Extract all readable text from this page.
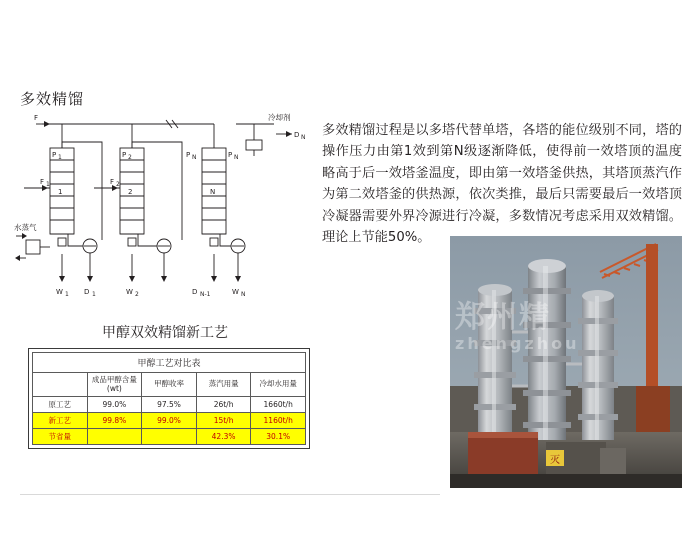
多效精馏
F
F 1	F 2
P 1	P 2	P N	P N
1	2	N
冷却剂
D N
水蒸气
W 1 D 1	W 2	D N-1	W N
多效精馏过程是以多塔代替单塔，各塔的能位级别不同，塔的操作压力由第1效到第N级逐渐降低，使得前一效塔顶的温度略高于后一效塔釜温度，即由第一效塔釜供热，其塔顶蒸汽作为第二效塔釜的供热源，依次类推，最后只需要最后一效塔顶冷凝器需要外界冷源进行冷凝，多数情况考虑采用双效精馏。理论上节能50%。
甲醇双效精馏新工艺
甲醇工艺对比表				
	成品甲醇含量(wt)	甲醇收率	蒸汽用量	冷却水用量
原工艺	99.0%	97.5%	26t/h	1660t/h
新工艺	99.8%	99.0%	15t/h	1160t/h
节省量			42.3%	30.1%
灭
郑州精
zhengzhou
